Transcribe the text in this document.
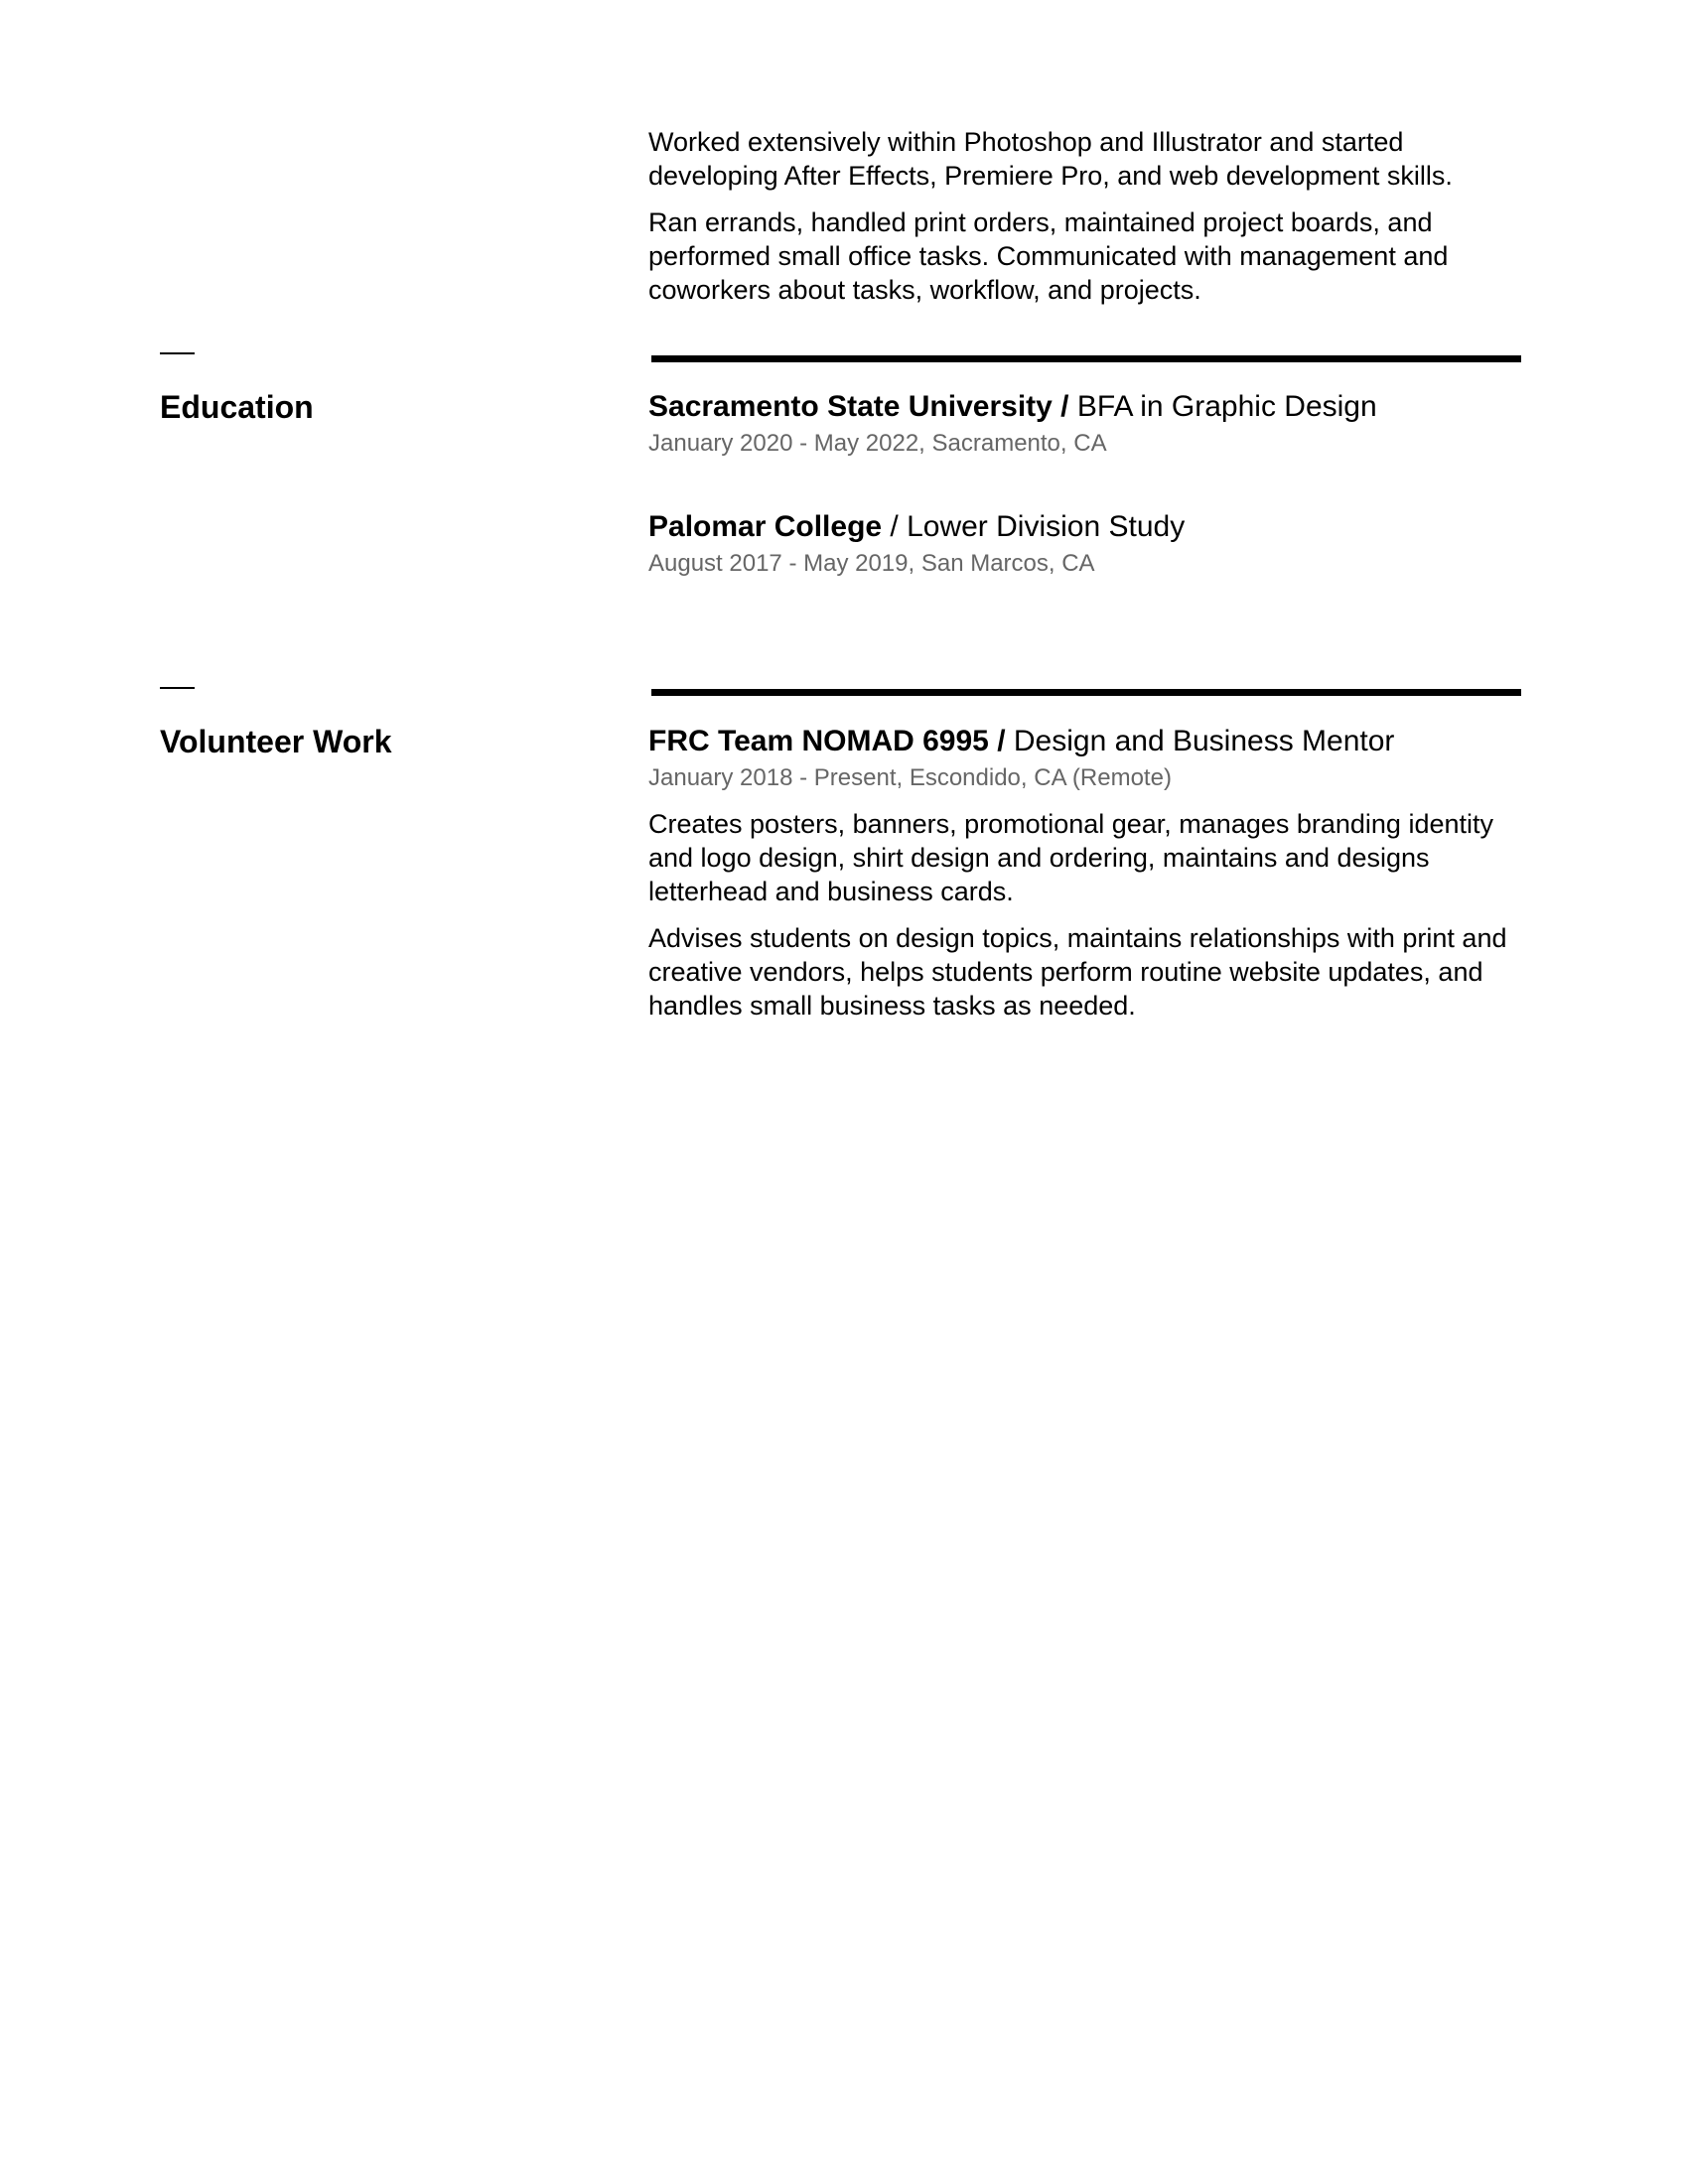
Worked extensively within Photoshop and Illustrator and started developing After Effects, Premiere Pro, and web development skills.

Ran errands, handled print orders, maintained project boards, and performed small office tasks. Communicated with management and coworkers about tasks, workflow, and projects.

Education	Sacramento State University / BFA in Graphic Design

January 2020 - May 2022, Sacramento, CA

Palomar College / Lower Division Study

August 2017 - May 2019, San Marcos, CA

Volunteer Work	FRC Team NOMAD 6995 / Design and Business Mentor

January 2018 - Present, Escondido, CA (Remote)

Creates posters, banners, promotional gear, manages branding identity and logo design, shirt design and ordering, maintains and designs letterhead and business cards.

Advises students on design topics, maintains relationships with print and creative vendors, helps students perform routine website updates, and handles small business tasks as needed.
